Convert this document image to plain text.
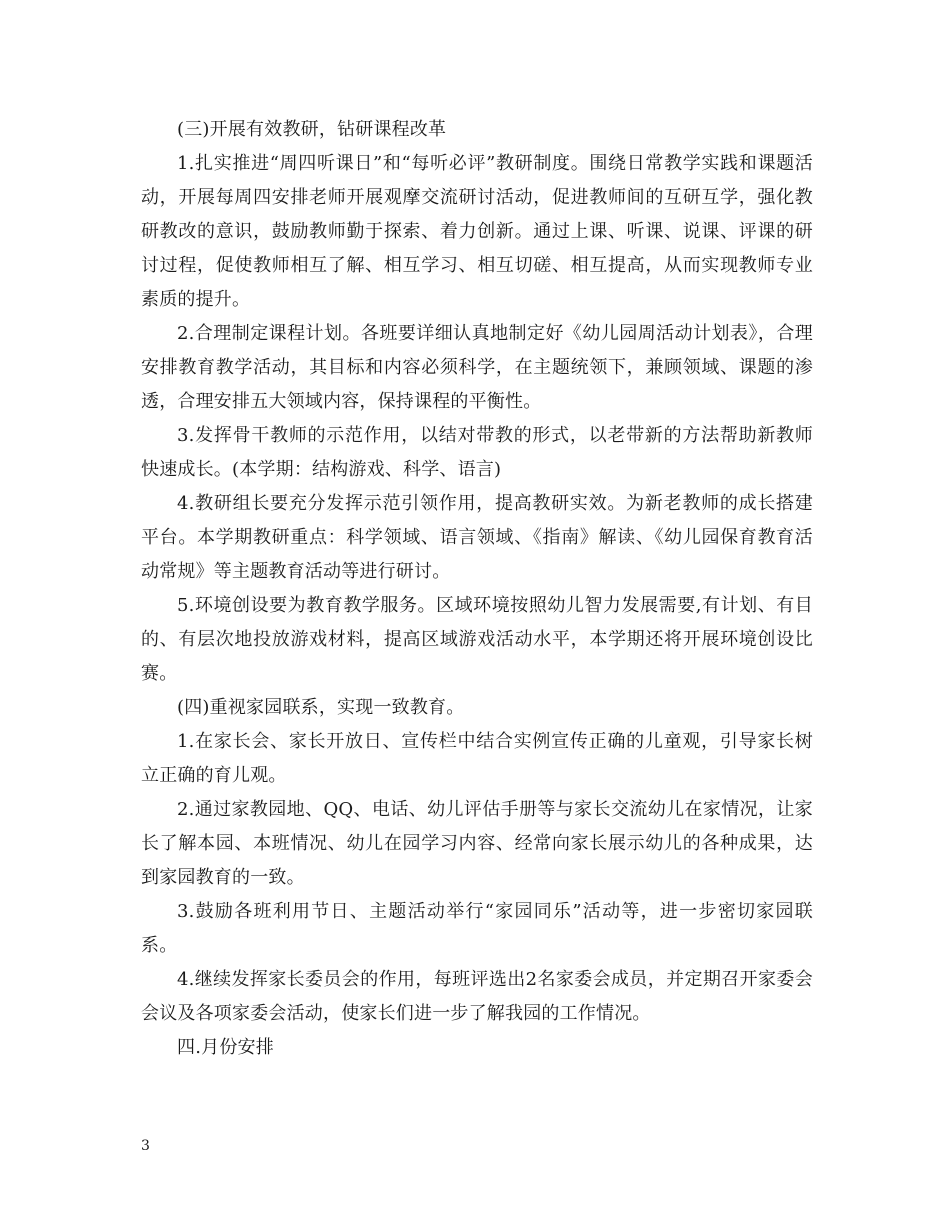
(三)开展有效教研，钻研课程改革

1.扎实推进“周四听课日”和“每听必评”教研制度。围绕日常教学实践和课题活动，开展每周四安排老师开展观摩交流研讨活动，促进教师间的互研互学，强化教研教改的意识，鼓励教师勤于探索、着力创新。通过上课、听课、说课、评课的研讨过程，促使教师相互了解、相互学习、相互切磋、相互提高，从而实现教师专业素质的提升。

2.合理制定课程计划。各班要详细认真地制定好《幼儿园周活动计划表》，合理安排教育教学活动，其目标和内容必须科学，在主题统领下，兼顾领域、课题的渗透，合理安排五大领域内容，保持课程的平衡性。

3.发挥骨干教师的示范作用，以结对带教的形式，以老带新的方法帮助新教师快速成长。(本学期：结构游戏、科学、语言)

4.教研组长要充分发挥示范引领作用，提高教研实效。为新老教师的成长搭建平台。本学期教研重点：科学领域、语言领域、《指南》解读、《幼儿园保育教育活动常规》等主题教育活动等进行研讨。

5.环境创设要为教育教学服务。区域环境按照幼儿智力发展需要,有计划、有目的、有层次地投放游戏材料，提高区域游戏活动水平，本学期还将开展环境创设比赛。

(四)重视家园联系，实现一致教育。

1.在家长会、家长开放日、宣传栏中结合实例宣传正确的儿童观，引导家长树立正确的育儿观。

2.通过家教园地、QQ、电话、幼儿评估手册等与家长交流幼儿在家情况，让家长了解本园、本班情况、幼儿在园学习内容、经常向家长展示幼儿的各种成果，达到家园教育的一致。

3.鼓励各班利用节日、主题活动举行“家园同乐”活动等，进一步密切家园联系。

4.继续发挥家长委员会的作用，每班评选出2名家委会成员，并定期召开家委会会议及各项家委会活动，使家长们进一步了解我园的工作情况。

四.月份安排

3
